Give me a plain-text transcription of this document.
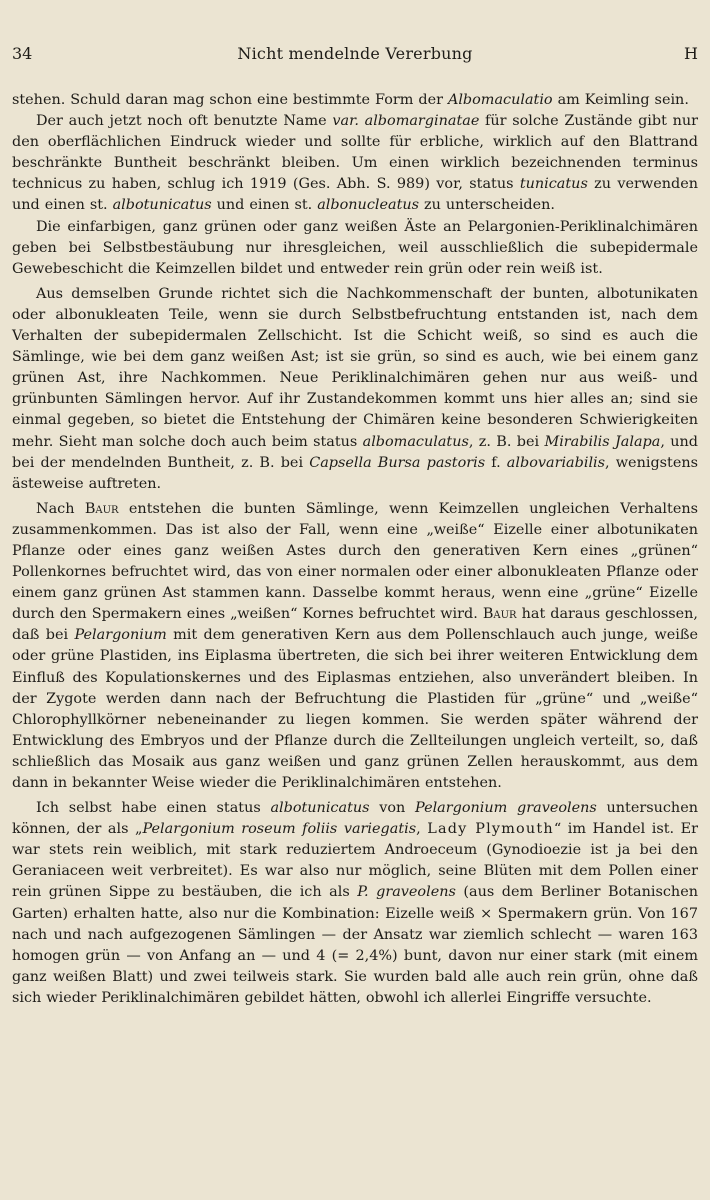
34	Nicht mendelnde Vererbung	H

stehen. Schuld daran mag schon eine bestimmte Form der Albomaculatio am Keimling sein.

Der auch jetzt noch oft benutzte Name var. albomarginatae für solche Zustände gibt nur den oberflächlichen Eindruck wieder und sollte für erbliche, wirklich auf den Blattrand beschränkte Buntheit beschränkt bleiben. Um einen wirklich bezeichnenden terminus technicus zu haben, schlug ich 1919 (Ges. Abh. S. 989) vor, status tunicatus zu verwenden und einen st. albotunicatus und einen st. albonucleatus zu unterscheiden.

Die einfarbigen, ganz grünen oder ganz weißen Äste an Pelargonien-Periklinalchimären geben bei Selbstbestäubung nur ihresgleichen, weil ausschließlich die subepidermale Gewebeschicht die Keimzellen bildet und entweder rein grün oder rein weiß ist.

Aus demselben Grunde richtet sich die Nachkommenschaft der bunten, albotunikaten oder albonukleaten Teile, wenn sie durch Selbstbefruchtung entstanden ist, nach dem Verhalten der subepidermalen Zellschicht. Ist die Schicht weiß, so sind es auch die Sämlinge, wie bei dem ganz weißen Ast; ist sie grün, so sind es auch, wie bei einem ganz grünen Ast, ihre Nachkommen. Neue Periklinalchimären gehen nur aus weiß- und grünbunten Sämlingen hervor. Auf ihr Zustandekommen kommt uns hier alles an; sind sie einmal gegeben, so bietet die Entstehung der Chimären keine besonderen Schwierigkeiten mehr. Sieht man solche doch auch beim status albomaculatus, z. B. bei Mirabilis Jalapa, und bei der mendelnden Buntheit, z. B. bei Capsella Bursa pastoris f. albovariabilis, wenigstens ästeweise auftreten.

Nach Baur entstehen die bunten Sämlinge, wenn Keimzellen ungleichen Verhaltens zusammenkommen. Das ist also der Fall, wenn eine „weiße“ Eizelle einer albotunikaten Pflanze oder eines ganz weißen Astes durch den generativen Kern eines „grünen“ Pollenkornes befruchtet wird, das von einer normalen oder einer albonukleaten Pflanze oder einem ganz grünen Ast stammen kann. Dasselbe kommt heraus, wenn eine „grüne“ Eizelle durch den Spermakern eines „weißen“ Kornes befruchtet wird. Baur hat daraus geschlossen, daß bei Pelargonium mit dem generativen Kern aus dem Pollenschlauch auch junge, weiße oder grüne Plastiden, ins Eiplasma übertreten, die sich bei ihrer weiteren Entwicklung dem Einfluß des Kopulationskernes und des Eiplasmas entziehen, also unverändert bleiben. In der Zygote werden dann nach der Befruchtung die Plastiden für „grüne“ und „weiße“ Chlorophyllkörner nebeneinander zu liegen kommen. Sie werden später während der Entwicklung des Embryos und der Pflanze durch die Zellteilungen ungleich verteilt, so, daß schließlich das Mosaik aus ganz weißen und ganz grünen Zellen herauskommt, aus dem dann in bekannter Weise wieder die Periklinalchimären entstehen.

Ich selbst habe einen status albotunicatus von Pelargonium graveolens untersuchen können, der als „Pelargonium roseum foliis variegatis, Lady Plymouth“ im Handel ist. Er war stets rein weiblich, mit stark reduziertem Androeceum (Gynodioezie ist ja bei den Geraniaceen weit verbreitet). Es war also nur möglich, seine Blüten mit dem Pollen einer rein grünen Sippe zu bestäuben, die ich als P. graveolens (aus dem Berliner Botanischen Garten) erhalten hatte, also nur die Kombination: Eizelle weiß × Spermakern grün. Von 167 nach und nach aufgezogenen Sämlingen — der Ansatz war ziemlich schlecht — waren 163 homogen grün — von Anfang an — und 4 (= 2,4%) bunt, davon nur einer stark (mit einem ganz weißen Blatt) und zwei teilweis stark. Sie wurden bald alle auch rein grün, ohne daß sich wieder Periklinalchimären gebildet hätten, obwohl ich allerlei Eingriffe versuchte.
